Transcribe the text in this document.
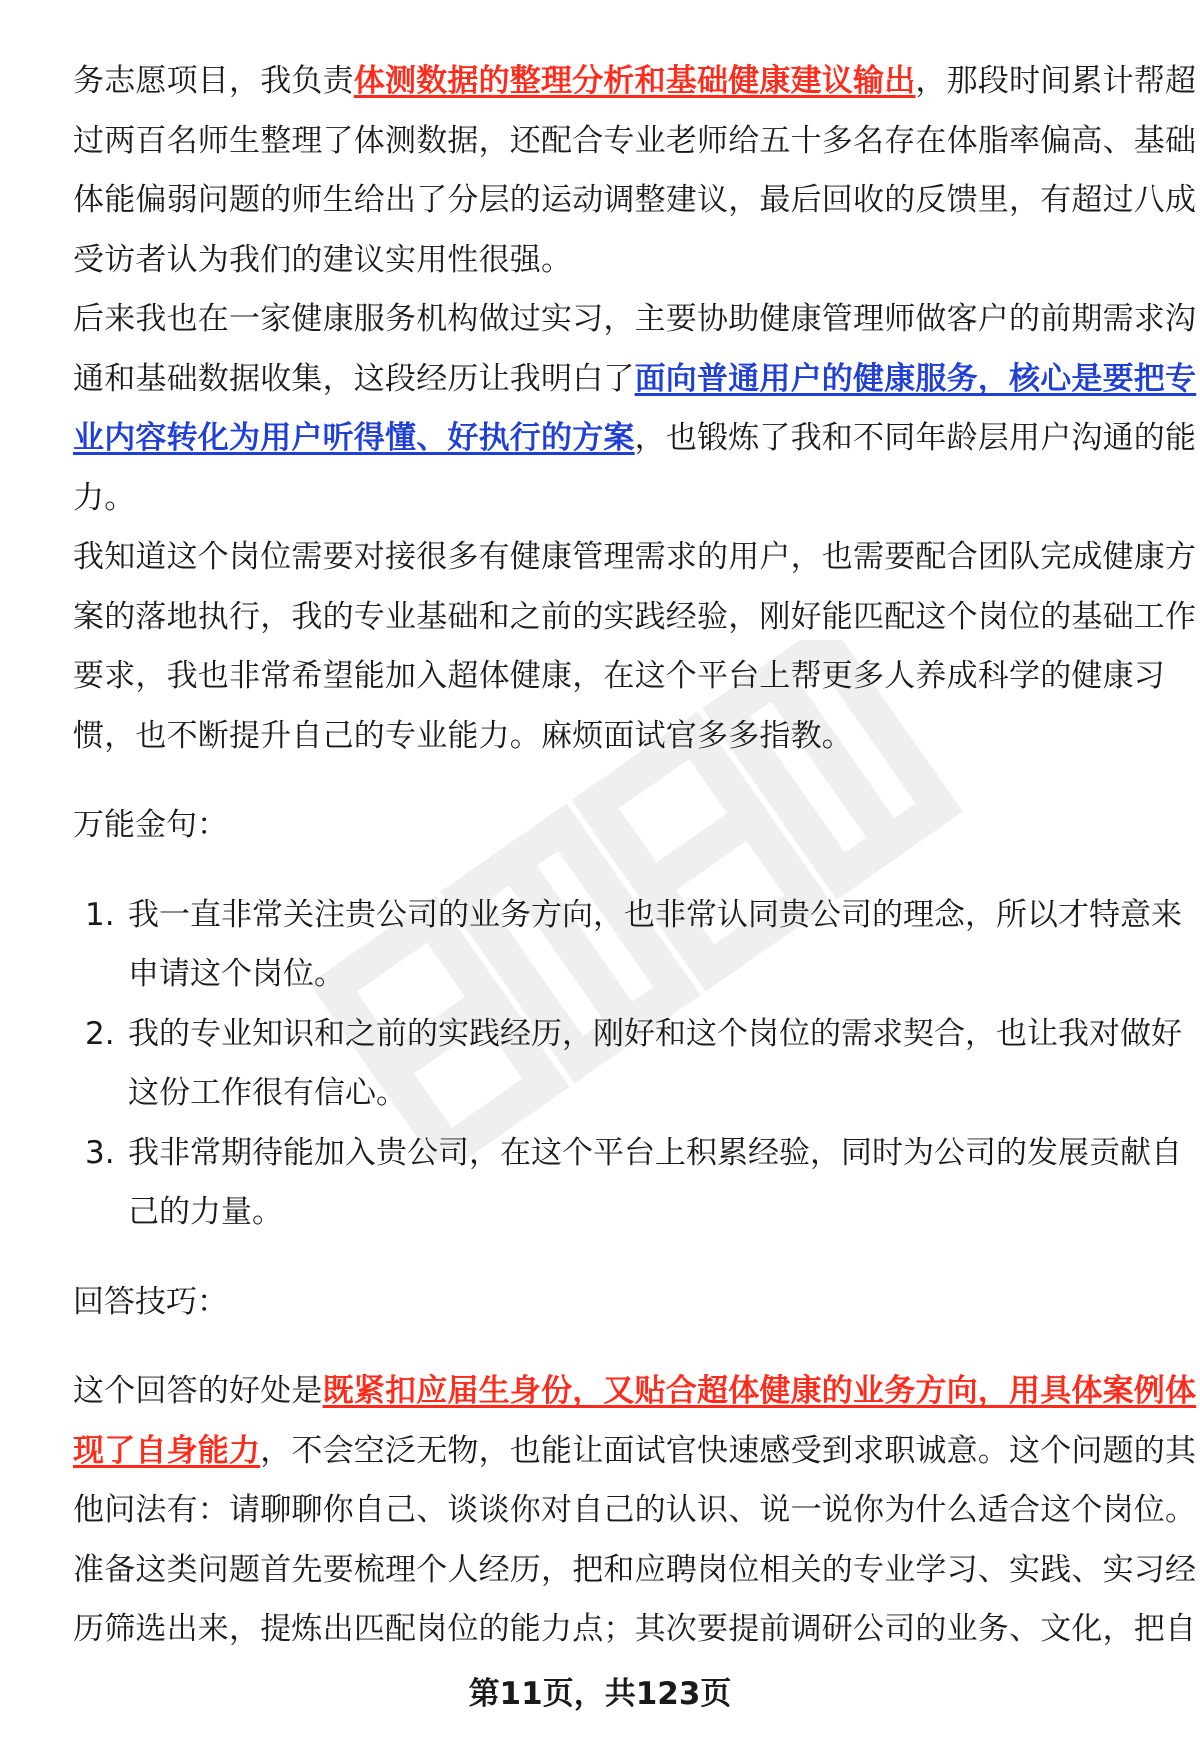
务志愿项目，我负责体测数据的整理分析和基础健康建议输出，那段时间累计帮超
过两百名师生整理了体测数据，还配合专业老师给五十多名存在体脂率偏高、基础
体能偏弱问题的师生给出了分层的运动调整建议，最后回收的反馈里，有超过八成
受访者认为我们的建议实用性很强。
后来我也在一家健康服务机构做过实习，主要协助健康管理师做客户的前期需求沟
通和基础数据收集，这段经历让我明白了面向普通用户的健康服务，核心是要把专
业内容转化为用户听得懂、好执行的方案，也锻炼了我和不同年龄层用户沟通的能
力。
我知道这个岗位需要对接很多有健康管理需求的用户，也需要配合团队完成健康方
案的落地执行，我的专业基础和之前的实践经验，刚好能匹配这个岗位的基础工作
要求，我也非常希望能加入超体健康，在这个平台上帮更多人养成科学的健康习
惯，也不断提升自己的专业能力。麻烦面试官多多指教。
万能金句：
1. 我一直非常关注贵公司的业务方向，也非常认同贵公司的理念，所以才特意来
申请这个岗位。
2. 我的专业知识和之前的实践经历，刚好和这个岗位的需求契合，也让我对做好
这份工作很有信心。
3. 我非常期待能加入贵公司，在这个平台上积累经验，同时为公司的发展贡献自
己的力量。
回答技巧：
这个回答的好处是既紧扣应届生身份，又贴合超体健康的业务方向，用具体案例体
现了自身能力，不会空泛无物，也能让面试官快速感受到求职诚意。这个问题的其
他问法有：请聊聊你自己、谈谈你对自己的认识、说一说你为什么适合这个岗位。
准备这类问题首先要梳理个人经历，把和应聘岗位相关的专业学习、实践、实习经
历筛选出来，提炼出匹配岗位的能力点；其次要提前调研公司的业务、文化，把自
第11页，共123页
